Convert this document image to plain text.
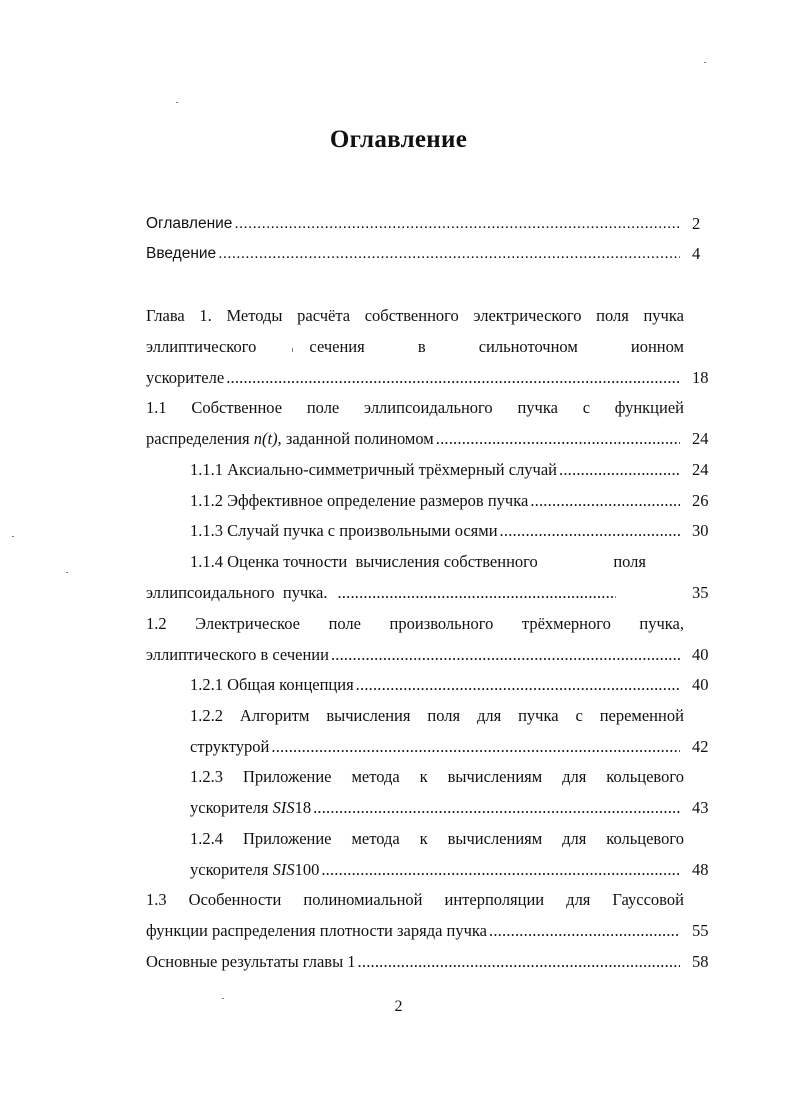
Оглавление
Оглавление .....	2
Введение .....	4
Глава 1. Методы расчёта собственного электрического поля пучка
эллиптического	сечения	в	сильноточном	ионном
ускорителе .....	18
1.1 Собственное поле эллипсоидального пучка с функцией
распределения n(t), заданной полиномом .....	24
1.1.1 Аксиально-симметричный трёхмерный случай .....	24
1.1.2 Эффективное определение размеров пучка .....	26
1.1.3 Случай пучка с произвольными осями .....	30
1.1.4 Оценка точности  вычисления собственного	поля
эллипсоидального  пучка. .....	35
1.2 Электрическое поле произвольного трёхмерного пучка,
эллиптического в сечении .....	40
1.2.1 Общая концепция .....	40
1.2.2 Алгоритм вычисления поля для пучка с переменной
структурой .....	42
1.2.3 Приложение метода к вычислениям для кольцевого
ускорителя SIS 18 .....	43
1.2.4 Приложение метода к вычислениям для кольцевого
ускорителя SIS 100 .....	48
1.3 Особенности полиномиальной интерполяции для Гауссовой
функции распределения плотности заряда пучка .....	55
Основные результаты главы 1 .....	58
2
